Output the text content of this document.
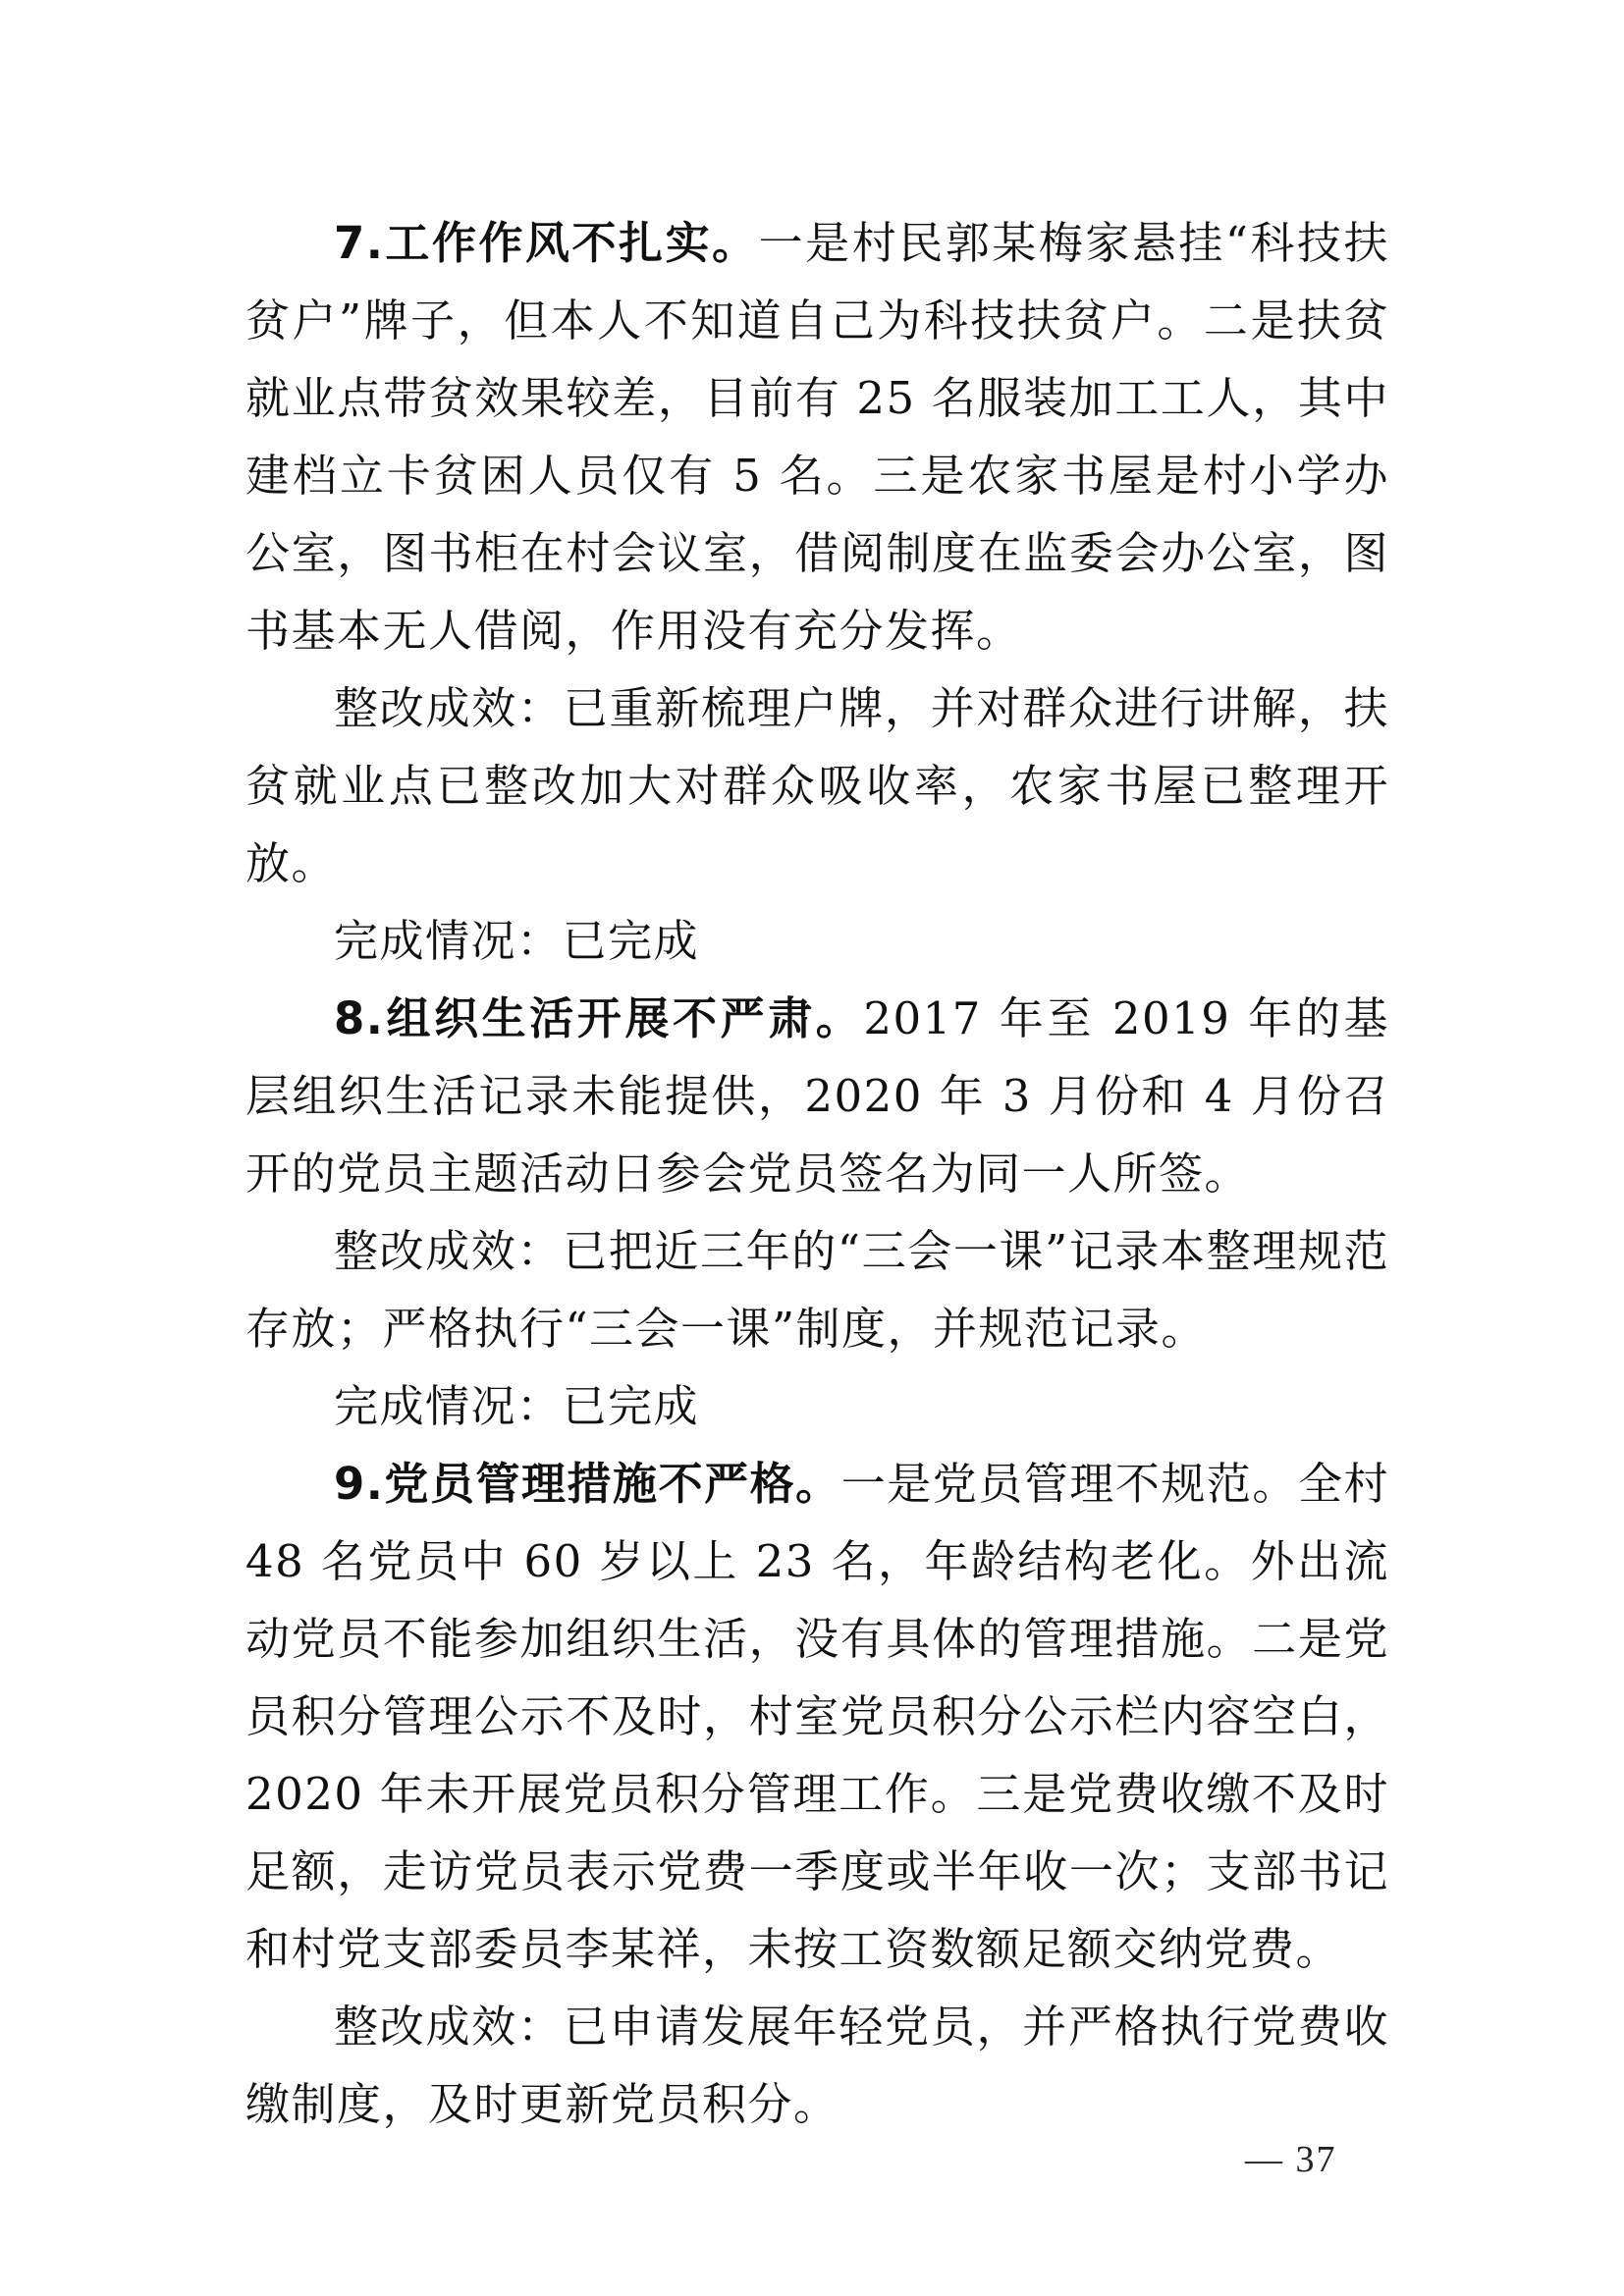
7.工作作风不扎实。一是村民郭某梅家悬挂“科技扶贫户”牌子，但本人不知道自己为科技扶贫户。二是扶贫就业点带贫效果较差，目前有 25 名服装加工工人，其中建档立卡贫困人员仅有 5 名。三是农家书屋是村小学办公室，图书柜在村会议室，借阅制度在监委会办公室，图书基本无人借阅，作用没有充分发挥。

整改成效：已重新梳理户牌，并对群众进行讲解，扶贫就业点已整改加大对群众吸收率，农家书屋已整理开放。

完成情况：已完成

8.组织生活开展不严肃。2017 年至 2019 年的基层组织生活记录未能提供，2020 年 3 月份和 4 月份召开的党员主题活动日参会党员签名为同一人所签。

整改成效：已把近三年的“三会一课”记录本整理规范存放；严格执行“三会一课”制度，并规范记录。

完成情况：已完成

9.党员管理措施不严格。一是党员管理不规范。全村 48 名党员中 60 岁以上 23 名，年龄结构老化。外出流动党员不能参加组织生活，没有具体的管理措施。二是党员积分管理公示不及时，村室党员积分公示栏内容空白，2020 年未开展党员积分管理工作。三是党费收缴不及时足额，走访党员表示党费一季度或半年收一次；支部书记和村党支部委员李某祥，未按工资数额足额交纳党费。

整改成效：已申请发展年轻党员，并严格执行党费收缴制度，及时更新党员积分。

— 37
